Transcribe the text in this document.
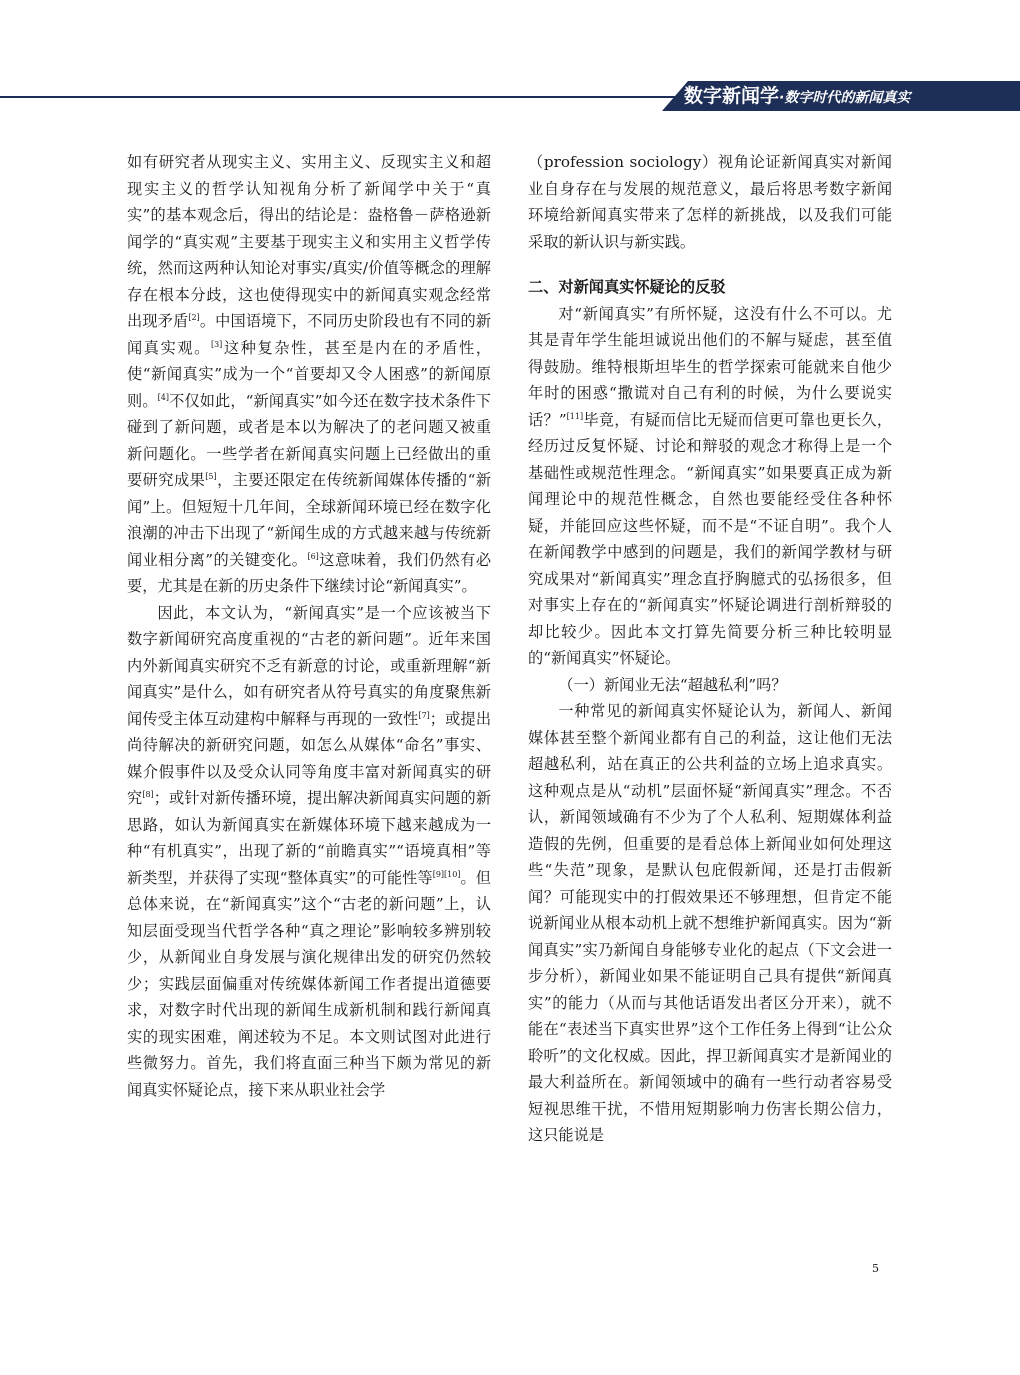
数字新闻学·数字时代的新闻真实

如有研究者从现实主义、实用主义、反现实主义和超现实主义的哲学认知视角分析了新闻学中关于“真实”的基本观念后，得出的结论是：盎格鲁－萨格逊新闻学的“真实观”主要基于现实主义和实用主义哲学传统，然而这两种认知论对事实/真实/价值等概念的理解存在根本分歧，这也使得现实中的新闻真实观念经常出现矛盾[2]。中国语境下，不同历史阶段也有不同的新闻真实观。[3]这种复杂性，甚至是内在的矛盾性，使“新闻真实”成为一个“首要却又令人困惑”的新闻原则。[4]不仅如此，“新闻真实”如今还在数字技术条件下碰到了新问题，或者是本以为解决了的老问题又被重新问题化。一些学者在新闻真实问题上已经做出的重要研究成果[5]，主要还限定在传统新闻媒体传播的“新闻”上。但短短十几年间，全球新闻环境已经在数字化浪潮的冲击下出现了“新闻生成的方式越来越与传统新闻业相分离”的关键变化。[6]这意味着，我们仍然有必要，尤其是在新的历史条件下继续讨论“新闻真实”。

因此，本文认为，“新闻真实”是一个应该被当下数字新闻研究高度重视的“古老的新问题”。近年来国内外新闻真实研究不乏有新意的讨论，或重新理解“新闻真实”是什么，如有研究者从符号真实的角度聚焦新闻传受主体互动建构中解释与再现的一致性[7]；或提出尚待解决的新研究问题，如怎么从媒体“命名”事实、媒介假事件以及受众认同等角度丰富对新闻真实的研究[8]；或针对新传播环境，提出解决新闻真实问题的新思路，如认为新闻真实在新媒体环境下越来越成为一种“有机真实”，出现了新的“前瞻真实”“语境真相”等新类型，并获得了实现“整体真实”的可能性等[9][10]。但总体来说，在“新闻真实”这个“古老的新问题”上，认知层面受现当代哲学各种“真之理论”影响较多辨别较少，从新闻业自身发展与演化规律出发的研究仍然较少；实践层面偏重对传统媒体新闻工作者提出道德要求，对数字时代出现的新闻生成新机制和践行新闻真实的现实困难，阐述较为不足。本文则试图对此进行些微努力。首先，我们将直面三种当下颇为常见的新闻真实怀疑论点，接下来从职业社会学

（profession sociology）视角论证新闻真实对新闻业自身存在与发展的规范意义，最后将思考数字新闻环境给新闻真实带来了怎样的新挑战，以及我们可能采取的新认识与新实践。

二、对新闻真实怀疑论的反驳

对“新闻真实”有所怀疑，这没有什么不可以。尤其是青年学生能坦诚说出他们的不解与疑虑，甚至值得鼓励。维特根斯坦毕生的哲学探索可能就来自他少年时的困惑“撒谎对自己有利的时候，为什么要说实话？”[11]毕竟，有疑而信比无疑而信更可靠也更长久，经历过反复怀疑、讨论和辩驳的观念才称得上是一个基础性或规范性理念。“新闻真实”如果要真正成为新闻理论中的规范性概念，自然也要能经受住各种怀疑，并能回应这些怀疑，而不是“不证自明”。我个人在新闻教学中感到的问题是，我们的新闻学教材与研究成果对“新闻真实”理念直抒胸臆式的弘扬很多，但对事实上存在的“新闻真实”怀疑论调进行剖析辩驳的却比较少。因此本文打算先简要分析三种比较明显的“新闻真实”怀疑论。

（一）新闻业无法“超越私利”吗？

一种常见的新闻真实怀疑论认为，新闻人、新闻媒体甚至整个新闻业都有自己的利益，这让他们无法超越私利，站在真正的公共利益的立场上追求真实。这种观点是从“动机”层面怀疑“新闻真实”理念。不否认，新闻领域确有不少为了个人私利、短期媒体利益造假的先例，但重要的是看总体上新闻业如何处理这些“失范”现象，是默认包庇假新闻，还是打击假新闻？可能现实中的打假效果还不够理想，但肯定不能说新闻业从根本动机上就不想维护新闻真实。因为“新闻真实”实乃新闻自身能够专业化的起点（下文会进一步分析），新闻业如果不能证明自己具有提供“新闻真实”的能力（从而与其他话语发出者区分开来），就不能在“表述当下真实世界”这个工作任务上得到“让公众聆听”的文化权威。因此，捍卫新闻真实才是新闻业的最大利益所在。新闻领域中的确有一些行动者容易受短视思维干扰，不惜用短期影响力伤害长期公信力，这只能说是

5
